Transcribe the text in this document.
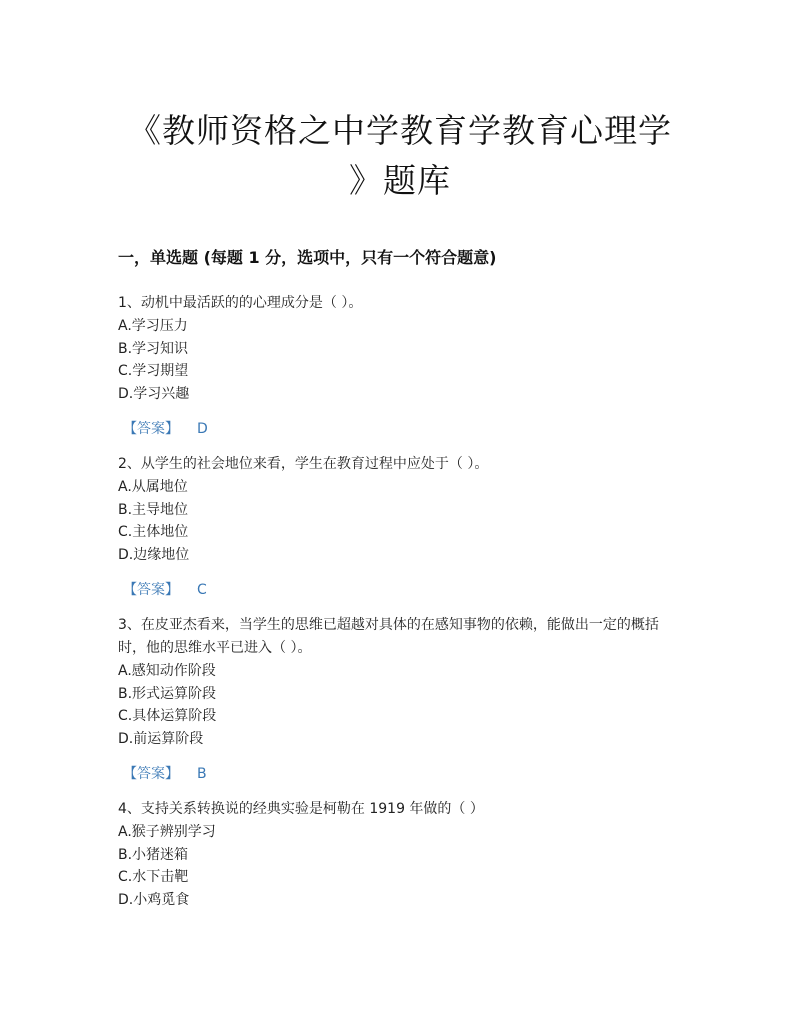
《教师资格之中学教育学教育心理学
》题库
一，单选题 (每题 1 分，选项中，只有一个符合题意)
1、动机中最活跃的的心理成分是（ ）。
A.学习压力
B.学习知识
C.学习期望
D.学习兴趣
【答案】 D
2、从学生的社会地位来看，学生在教育过程中应处于（ ）。
A.从属地位
B.主导地位
C.主体地位
D.边缘地位
【答案】 C
3、在皮亚杰看来，当学生的思维已超越对具体的在感知事物的依赖，能做出一定的概括时，他的思维水平已进入（ ）。
A.感知动作阶段
B.形式运算阶段
C.具体运算阶段
D.前运算阶段
【答案】 B
4、支持关系转换说的经典实验是柯勒在 1919 年做的（ ）
A.猴子辨别学习
B.小猪迷箱
C.水下击靶
D.小鸡觅食
